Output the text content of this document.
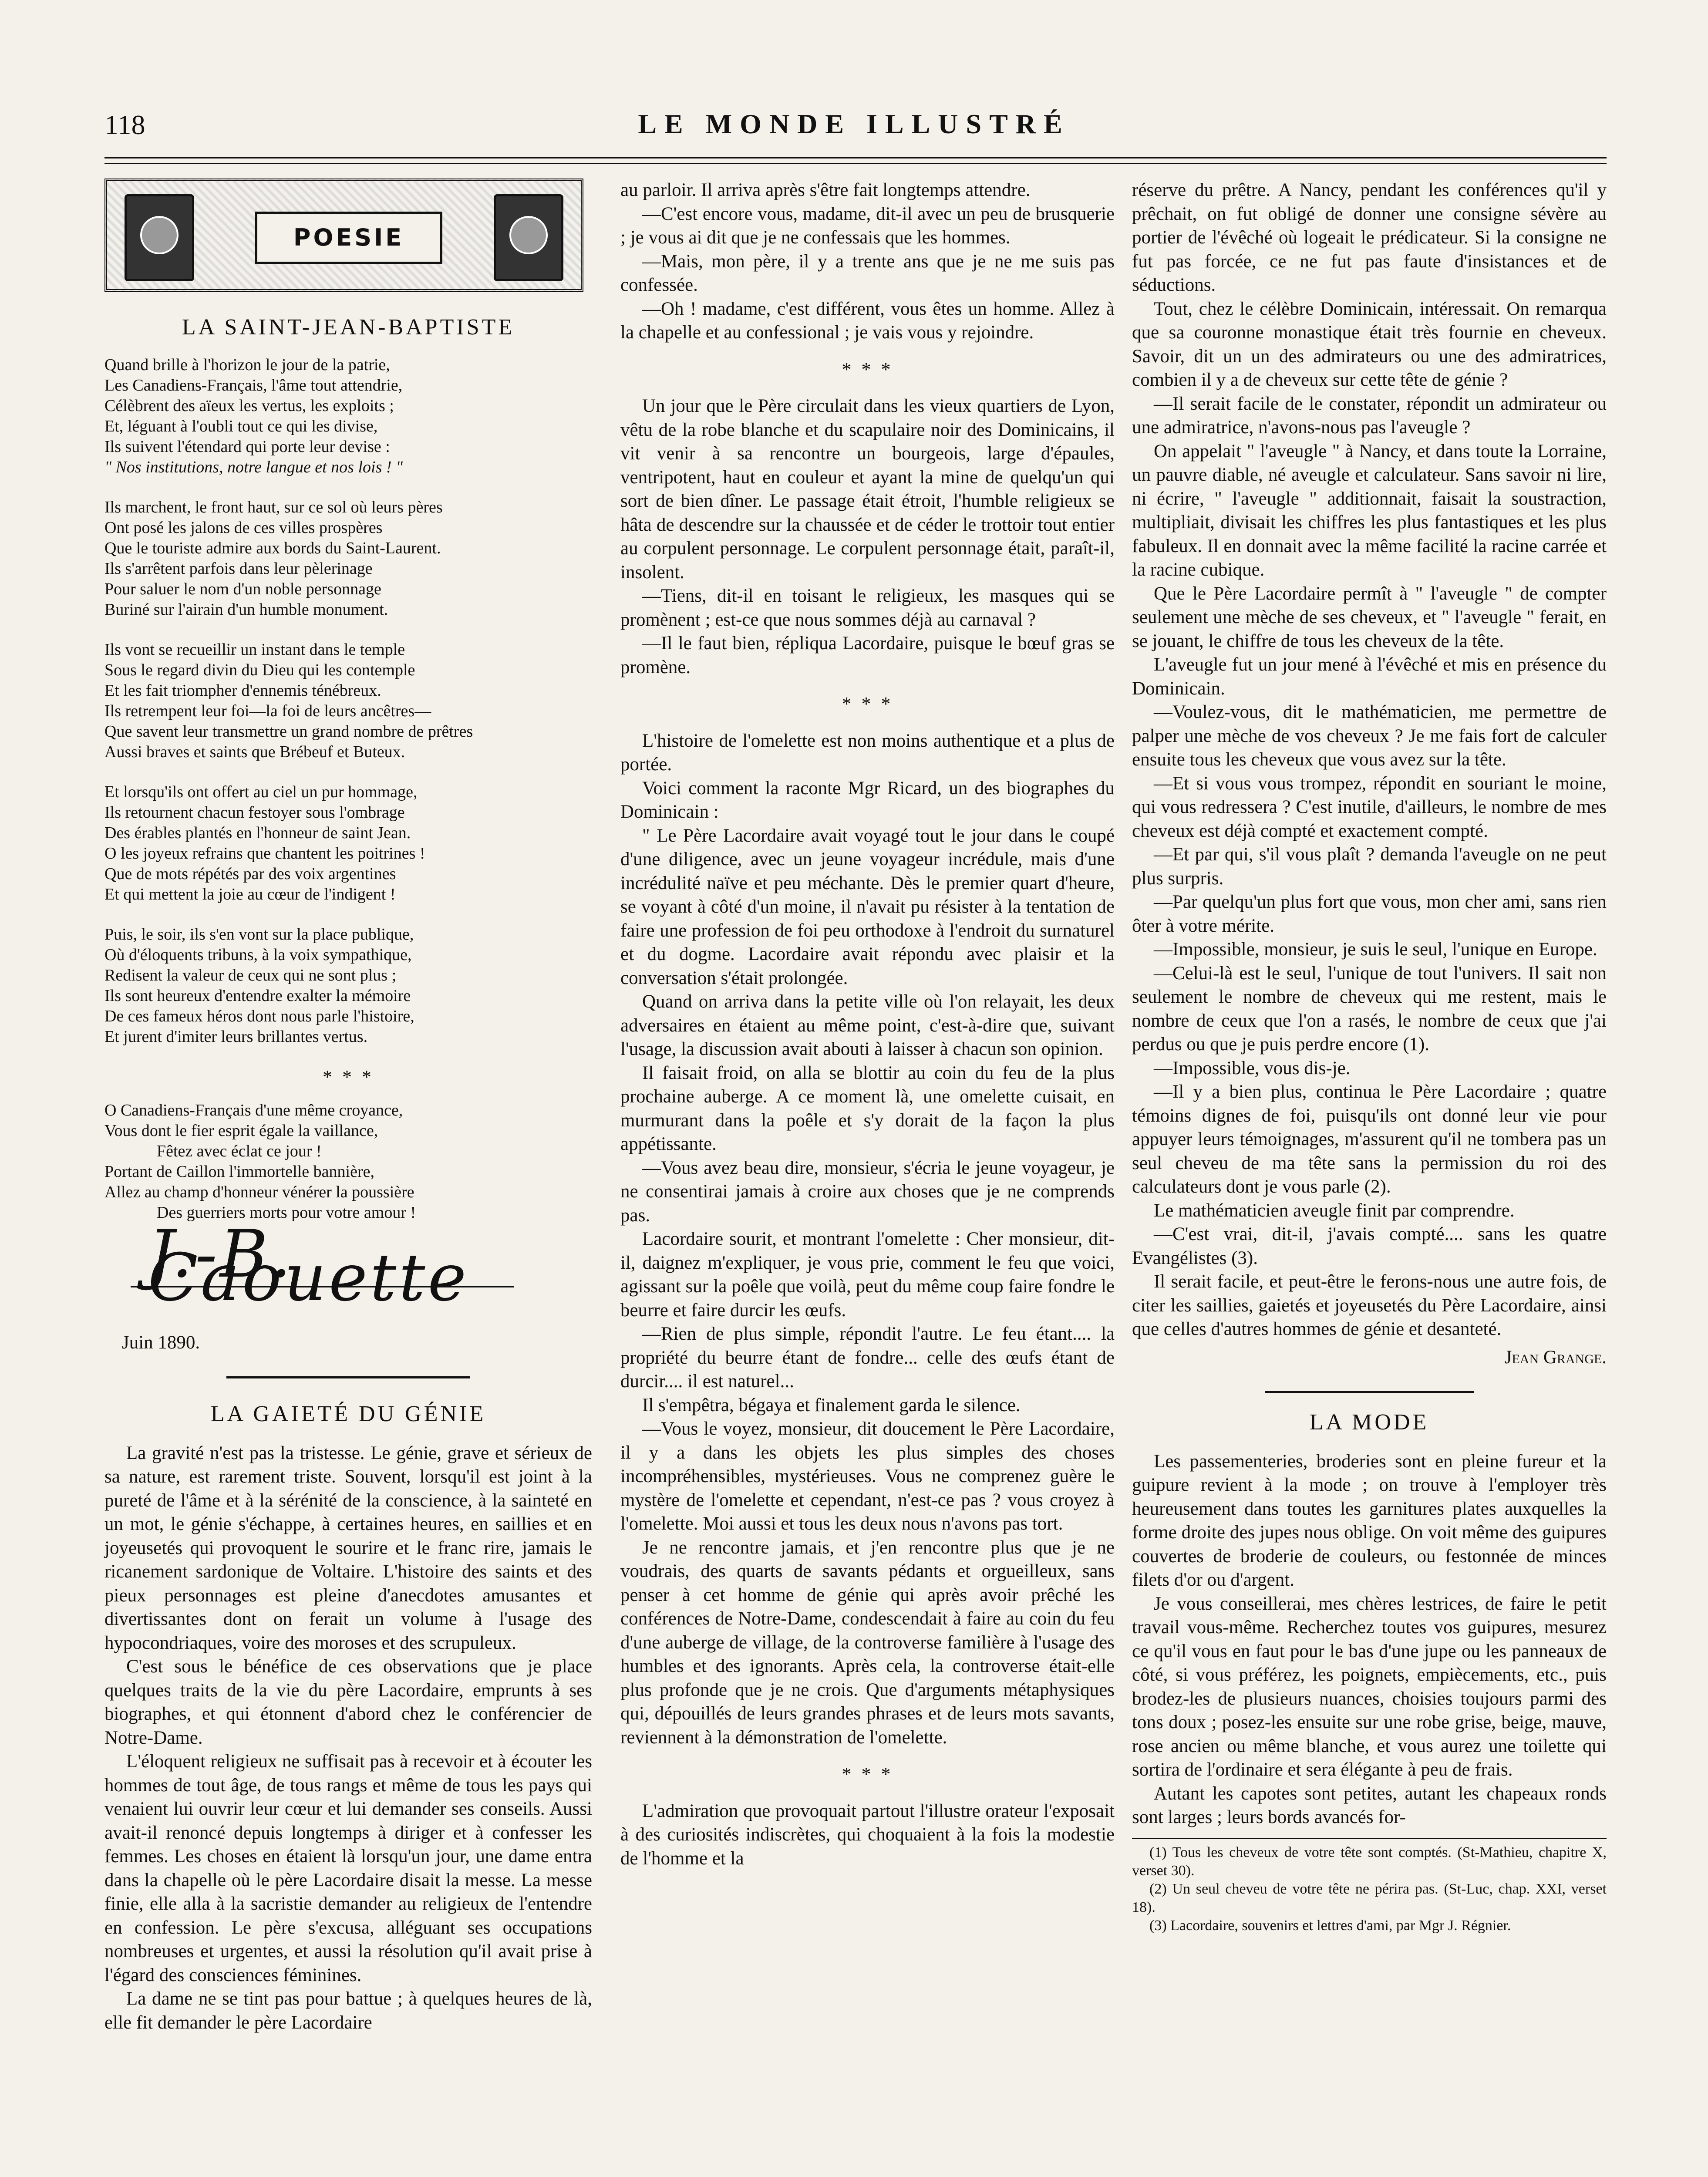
118	LE MONDE ILLUSTRÉ
POESIE
LA SAINT-JEAN-BAPTISTE
Quand brille à l'horizon le jour de la patrie,
Les Canadiens-Français, l'âme tout attendrie,
Célèbrent des aïeux les vertus, les exploits ;
Et, léguant à l'oubli tout ce qui les divise,
Ils suivent l'étendard qui porte leur devise :
" Nos institutions, notre langue et nos lois ! "
Ils marchent, le front haut, sur ce sol où leurs pères
Ont posé les jalons de ces villes prospères
Que le touriste admire aux bords du Saint-Laurent.
Ils s'arrêtent parfois dans leur pèlerinage
Pour saluer le nom d'un noble personnage
Buriné sur l'airain d'un humble monument.
Ils vont se recueillir un instant dans le temple
Sous le regard divin du Dieu qui les contemple
Et les fait triompher d'ennemis ténébreux.
Ils retrempent leur foi—la foi de leurs ancêtres—
Que savent leur transmettre un grand nombre de prêtres
Aussi braves et saints que Brébeuf et Buteux.
Et lorsqu'ils ont offert au ciel un pur hommage,
Ils retournent chacun festoyer sous l'ombrage
Des érables plantés en l'honneur de saint Jean.
O les joyeux refrains que chantent les poitrines !
Que de mots répétés par des voix argentines
Et qui mettent la joie au cœur de l'indigent !
Puis, le soir, ils s'en vont sur la place publique,
Où d'éloquents tribuns, à la voix sympathique,
Redisent la valeur de ceux qui ne sont plus ;
Ils sont heureux d'entendre exalter la mémoire
De ces fameux héros dont nous parle l'histoire,
Et jurent d'imiter leurs brillantes vertus.
* * *
O Canadiens-Français d'une même croyance,
Vous dont le fier esprit égale la vaillance,
Fêtez avec éclat ce jour !
Portant de Caillon l'immortelle bannière,
Allez au champ d'honneur vénérer la poussière
Des guerriers morts pour votre amour !
J.-B. Caouette
Juin 1890.
LA GAIETÉ DU GÉNIE

La gravité n'est pas la tristesse. Le génie, grave et sérieux de sa nature, est rarement triste. Souvent, lorsqu'il est joint à la pureté de l'âme et à la sérénité de la conscience, à la sainteté en un mot, le génie s'échappe, à certaines heures, en saillies et en joyeusetés qui provoquent le sourire et le franc rire, jamais le ricanement sardonique de Voltaire. L'histoire des saints et des pieux personnages est pleine d'anecdotes amusantes et divertissantes dont on ferait un volume à l'usage des hypocondriaques, voire des moroses et des scrupuleux.

C'est sous le bénéfice de ces observations que je place quelques traits de la vie du père Lacordaire, emprunts à ses biographes, et qui étonnent d'abord chez le conférencier de Notre-Dame.

L'éloquent religieux ne suffisait pas à recevoir et à écouter les hommes de tout âge, de tous rangs et même de tous les pays qui venaient lui ouvrir leur cœur et lui demander ses conseils. Aussi avait-il renoncé depuis longtemps à diriger et à confesser les femmes. Les choses en étaient là lorsqu'un jour, une dame entra dans la chapelle où le père Lacordaire disait la messe. La messe finie, elle alla à la sacristie demander au religieux de l'entendre en confession. Le père s'excusa, alléguant ses occupations nombreuses et urgentes, et aussi la résolution qu'il avait prise à l'égard des consciences féminines.

La dame ne se tint pas pour battue ; à quelques heures de là, elle fit demander le père Lacordaire

au parloir. Il arriva après s'être fait longtemps attendre.

—C'est encore vous, madame, dit-il avec un peu de brusquerie ; je vous ai dit que je ne confessais que les hommes.

—Mais, mon père, il y a trente ans que je ne me suis pas confessée.

—Oh ! madame, c'est différent, vous êtes un homme. Allez à la chapelle et au confessional ; je vais vous y rejoindre.

* * *

Un jour que le Père circulait dans les vieux quartiers de Lyon, vêtu de la robe blanche et du scapulaire noir des Dominicains, il vit venir à sa rencontre un bourgeois, large d'épaules, ventripotent, haut en couleur et ayant la mine de quelqu'un qui sort de bien dîner. Le passage était étroit, l'humble religieux se hâta de descendre sur la chaussée et de céder le trottoir tout entier au corpulent personnage. Le corpulent personnage était, paraît-il, insolent.

—Tiens, dit-il en toisant le religieux, les masques qui se promènent ; est-ce que nous sommes déjà au carnaval ?

—Il le faut bien, répliqua Lacordaire, puisque le bœuf gras se promène.

* * *

L'histoire de l'omelette est non moins authentique et a plus de portée.

Voici comment la raconte Mgr Ricard, un des biographes du Dominicain :

" Le Père Lacordaire avait voyagé tout le jour dans le coupé d'une diligence, avec un jeune voyageur incrédule, mais d'une incrédulité naïve et peu méchante. Dès le premier quart d'heure, se voyant à côté d'un moine, il n'avait pu résister à la tentation de faire une profession de foi peu orthodoxe à l'endroit du surnaturel et du dogme. Lacordaire avait répondu avec plaisir et la conversation s'était prolongée.

Quand on arriva dans la petite ville où l'on relayait, les deux adversaires en étaient au même point, c'est-à-dire que, suivant l'usage, la discussion avait abouti à laisser à chacun son opinion.

Il faisait froid, on alla se blottir au coin du feu de la plus prochaine auberge. A ce moment là, une omelette cuisait, en murmurant dans la poêle et s'y dorait de la façon la plus appétissante.

—Vous avez beau dire, monsieur, s'écria le jeune voyageur, je ne consentirai jamais à croire aux choses que je ne comprends pas.

Lacordaire sourit, et montrant l'omelette : Cher monsieur, dit-il, daignez m'expliquer, je vous prie, comment le feu que voici, agissant sur la poêle que voilà, peut du même coup faire fondre le beurre et faire durcir les œufs.

—Rien de plus simple, répondit l'autre. Le feu étant.... la propriété du beurre étant de fondre... celle des œufs étant de durcir.... il est naturel...

Il s'empêtra, bégaya et finalement garda le silence.

—Vous le voyez, monsieur, dit doucement le Père Lacordaire, il y a dans les objets les plus simples des choses incompréhensibles, mystérieuses. Vous ne comprenez guère le mystère de l'omelette et cependant, n'est-ce pas ? vous croyez à l'omelette. Moi aussi et tous les deux nous n'avons pas tort.

Je ne rencontre jamais, et j'en rencontre plus que je ne voudrais, des quarts de savants pédants et orgueilleux, sans penser à cet homme de génie qui après avoir prêché les conférences de Notre-Dame, condescendait à faire au coin du feu d'une auberge de village, de la controverse familière à l'usage des humbles et des ignorants. Après cela, la controverse était-elle plus profonde que je ne crois. Que d'arguments métaphysiques qui, dépouillés de leurs grandes phrases et de leurs mots savants, reviennent à la démonstration de l'omelette.

* * *

L'admiration que provoquait partout l'illustre orateur l'exposait à des curiosités indiscrètes, qui choquaient à la fois la modestie de l'homme et la

réserve du prêtre. A Nancy, pendant les conférences qu'il y prêchait, on fut obligé de donner une consigne sévère au portier de l'évêché où logeait le prédicateur. Si la consigne ne fut pas forcée, ce ne fut pas faute d'insistances et de séductions.

Tout, chez le célèbre Dominicain, intéressait. On remarqua que sa couronne monastique était très fournie en cheveux. Savoir, dit un un des admirateurs ou une des admiratrices, combien il y a de cheveux sur cette tête de génie ?

—Il serait facile de le constater, répondit un admirateur ou une admiratrice, n'avons-nous pas l'aveugle ?

On appelait " l'aveugle " à Nancy, et dans toute la Lorraine, un pauvre diable, né aveugle et calculateur. Sans savoir ni lire, ni écrire, " l'aveugle " additionnait, faisait la soustraction, multipliait, divisait les chiffres les plus fantastiques et les plus fabuleux. Il en donnait avec la même facilité la racine carrée et la racine cubique.

Que le Père Lacordaire permît à " l'aveugle " de compter seulement une mèche de ses cheveux, et " l'aveugle " ferait, en se jouant, le chiffre de tous les cheveux de la tête.

L'aveugle fut un jour mené à l'évêché et mis en présence du Dominicain.

—Voulez-vous, dit le mathématicien, me permettre de palper une mèche de vos cheveux ? Je me fais fort de calculer ensuite tous les cheveux que vous avez sur la tête.

—Et si vous vous trompez, répondit en souriant le moine, qui vous redressera ? C'est inutile, d'ailleurs, le nombre de mes cheveux est déjà compté et exactement compté.

—Et par qui, s'il vous plaît ? demanda l'aveugle on ne peut plus surpris.

—Par quelqu'un plus fort que vous, mon cher ami, sans rien ôter à votre mérite.

—Impossible, monsieur, je suis le seul, l'unique en Europe.

—Celui-là est le seul, l'unique de tout l'univers. Il sait non seulement le nombre de cheveux qui me restent, mais le nombre de ceux que l'on a rasés, le nombre de ceux que j'ai perdus ou que je puis perdre encore (1).

—Impossible, vous dis-je.

—Il y a bien plus, continua le Père Lacordaire ; quatre témoins dignes de foi, puisqu'ils ont donné leur vie pour appuyer leurs témoignages, m'assurent qu'il ne tombera pas un seul cheveu de ma tête sans la permission du roi des calculateurs dont je vous parle (2).

Le mathématicien aveugle finit par comprendre.

—C'est vrai, dit-il, j'avais compté.... sans les quatre Evangélistes (3).

Il serait facile, et peut-être le ferons-nous une autre fois, de citer les saillies, gaietés et joyeusetés du Père Lacordaire, ainsi que celles d'autres hommes de génie et desanteté.

Jean Grange.
LA MODE

Les passementeries, broderies sont en pleine fureur et la guipure revient à la mode ; on trouve à l'employer très heureusement dans toutes les garnitures plates auxquelles la forme droite des jupes nous oblige. On voit même des guipures couvertes de broderie de couleurs, ou festonnée de minces filets d'or ou d'argent.

Je vous conseillerai, mes chères lestrices, de faire le petit travail vous-même. Recherchez toutes vos guipures, mesurez ce qu'il vous en faut pour le bas d'une jupe ou les panneaux de côté, si vous préférez, les poignets, empiècements, etc., puis brodez-les de plusieurs nuances, choisies toujours parmi des tons doux ; posez-les ensuite sur une robe grise, beige, mauve, rose ancien ou même blanche, et vous aurez une toilette qui sortira de l'ordinaire et sera élégante à peu de frais.

Autant les capotes sont petites, autant les chapeaux ronds sont larges ; leurs bords avancés for-

(1) Tous les cheveux de votre tête sont comptés. (St-Mathieu, chapitre X, verset 30).
(2) Un seul cheveu de votre tête ne périra pas. (St-Luc, chap. XXI, verset 18).
(3) Lacordaire, souvenirs et lettres d'ami, par Mgr J. Régnier.
